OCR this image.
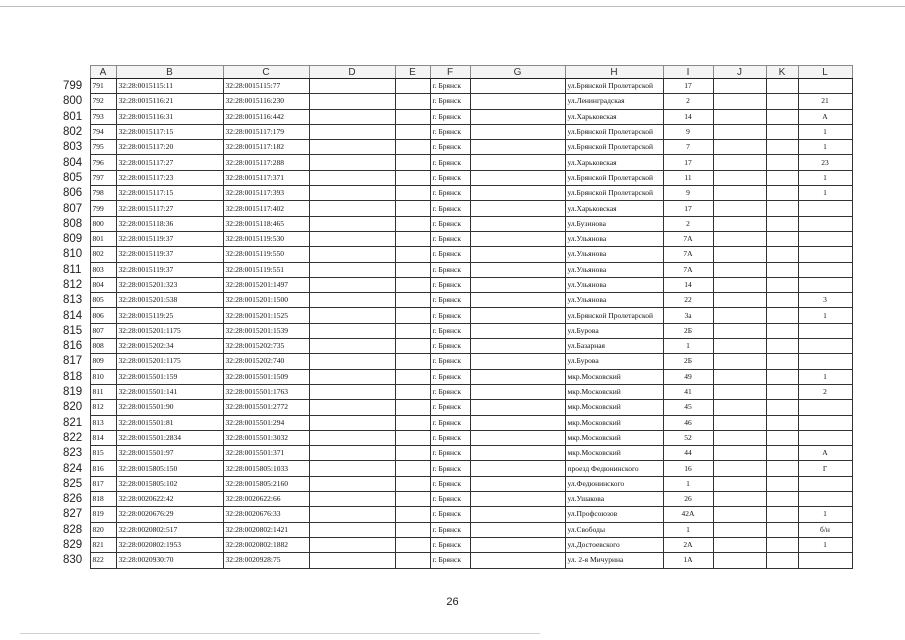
	A	B	C	D	E	F	G	H	I	J	K	L
799	791	32:28:0015115:11	32:28:0015115:77			г. Брянск		ул.Брянской Пролетарской	17			
800	792	32:28:0015116:21	32:28:0015116:230			г. Брянск		ул.Ленинградская	2			21
801	793	32:28:0015116:31	32:28:0015116:442			г. Брянск		ул.Харьковская	14			А
802	794	32:28:0015117:15	32:28:0015117:179			г. Брянск		ул.Брянской Пролетарской	9			1
803	795	32:28:0015117:20	32:28:0015117:182			г. Брянск		ул.Брянской Пролетарской	7			1
804	796	32:28:0015117:27	32:28:0015117:288			г. Брянск		ул.Харьковская	17			23
805	797	32:28:0015117:23	32:28:0015117:371			г. Брянск		ул.Брянской Пролетарской	11			1
806	798	32:28:0015117:15	32:28:0015117:393			г. Брянск		ул.Брянской Пролетарской	9			1
807	799	32:28:0015117:27	32:28:0015117:402			г. Брянск		ул.Харьковская	17			
808	800	32:28:0015118:36	32:28:0015118:465			г. Брянск		ул.Бузинова	2			
809	801	32:28:0015119:37	32:28:0015119:530			г. Брянск		ул.Ульянова	7А			
810	802	32:28:0015119:37	32:28:0015119:550			г. Брянск		ул.Ульянова	7А			
811	803	32:28:0015119:37	32:28:0015119:551			г. Брянск		ул.Ульянова	7А			
812	804	32:28:0015201:323	32:28:0015201:1497			г. Брянск		ул.Ульянова	14			
813	805	32:28:0015201:538	32:28:0015201:1500			г. Брянск		ул.Ульянова	22			3
814	806	32:28:0015119:25	32:28:0015201:1525			г. Брянск		ул.Брянской Пролетарской	3а			1
815	807	32:28:0015201:1175	32:28:0015201:1539			г. Брянск		ул.Бурова	2Б			
816	808	32:28:0015202:34	32:28:0015202:735			г. Брянск		ул.Базарная	1			
817	809	32:28:0015201:1175	32:28:0015202:740			г. Брянск		ул.Бурова	2Б			
818	810	32:28:0015501:159	32:28:0015501:1509			г. Брянск		мкр.Московский	49			1
819	811	32:28:0015501:141	32:28:0015501:1763			г. Брянск		мкр.Московский	41			2
820	812	32:28:0015501:90	32:28:0015501:2772			г. Брянск		мкр.Московский	45			
821	813	32:28:0015501:81	32:28:0015501:294			г. Брянск		мкр.Московский	46			
822	814	32:28:0015501:2834	32:28:0015501:3032			г. Брянск		мкр.Московский	52			
823	815	32:28:0015501:97	32:28:0015501:371			г. Брянск		мкр.Московский	44			А
824	816	32:28:0015805:150	32:28:0015805:1033			г. Брянск		проезд Федюнинского	16			Г
825	817	32:28:0015805:102	32:28:0015805:2160			г. Брянск		ул.Федюнинского	1			
826	818	32:28:0020622:42	32:28:0020622:66			г. Брянск		ул.Ушакова	26			
827	819	32:28:0020676:29	32:28:0020676:33			г. Брянск		ул.Профсоюзов	42А			1
828	820	32:28:0020802:517	32:28:0020802:1421			г. Брянск		ул.Свободы	1			б/н
829	821	32:28:0020802:1953	32:28:0020802:1882			г. Брянск		ул.Достоевского	2А			1
830	822	32:28:0020930:70	32:28:0020928:75			г. Брянск		ул. 2-я Мичурина	1А			
26
